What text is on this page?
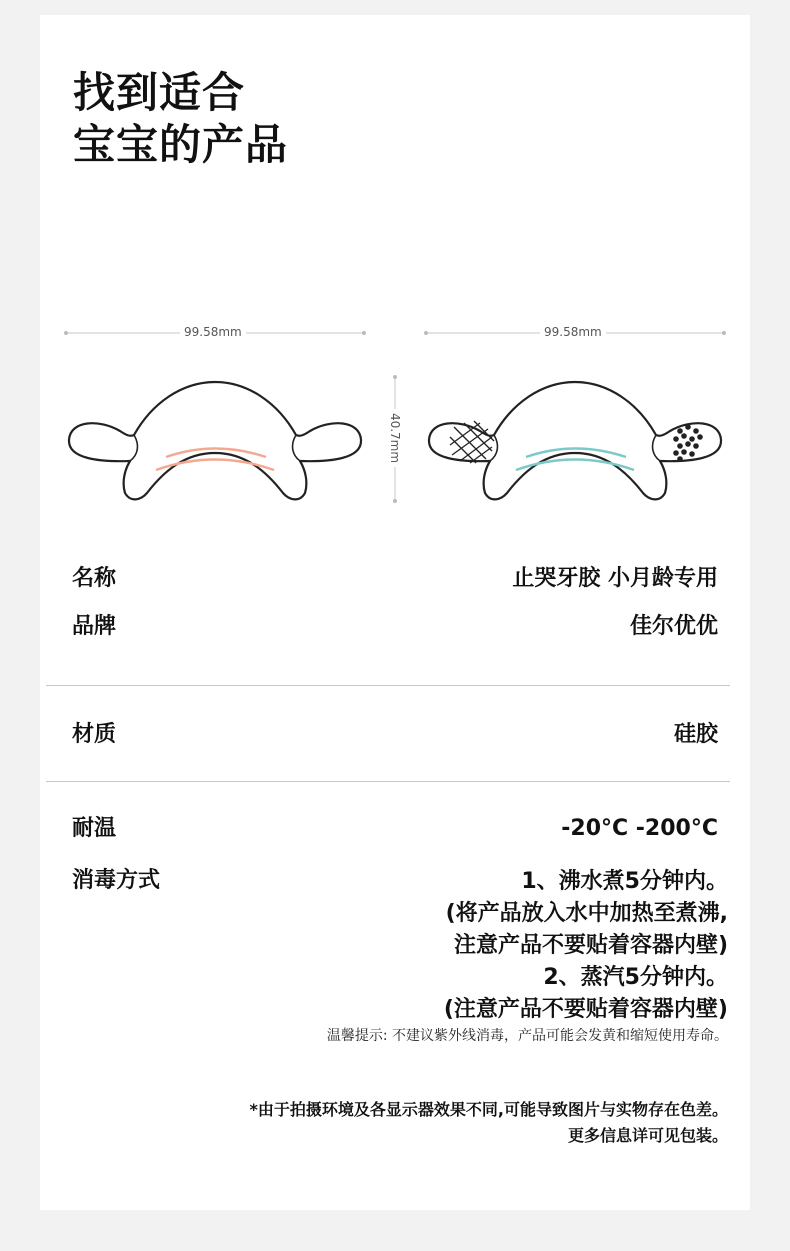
找到适合
宝宝的产品
99.58mm	99.58mm
40.7mm
名称	止哭牙胶 小月龄专用
品牌	佳尔优优
材质	硅胶
耐温	-20°C -200°C
消毒方式	1、沸水煮5分钟内。
(将产品放入水中加热至煮沸,
注意产品不要贴着容器内壁)
2、蒸汽5分钟内。
(注意产品不要贴着容器内壁)
温馨提示: 不建议紫外线消毒，产品可能会发黄和缩短使用寿命。
*由于拍摄环境及各显示器效果不同,可能导致图片与实物存在色差。
更多信息详可见包装。
